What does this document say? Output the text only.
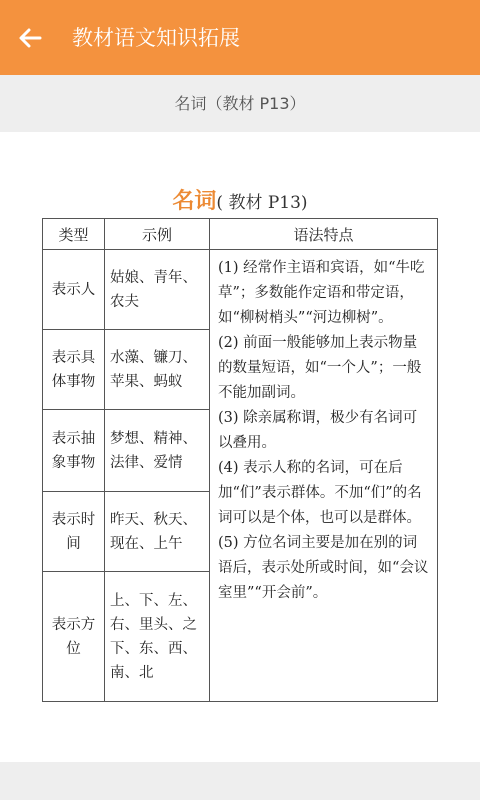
教材语文知识拓展
名词（教材 P13）
名词( 教材 P13)
类型	示例	语法特点
表示人	姑娘、青年、农夫	(1) 经常作主语和宾语，如“牛吃草”；多数能作定语和带定语，如“柳树梢头”“河边柳树”。
(2) 前面一般能够加上表示物量的数量短语，如“一个人”；一般不能加副词。
(3) 除亲属称谓，极少有名词可以叠用。
(4) 表示人称的名词，可在后加“们”表示群体。不加“们”的名词可以是个体，也可以是群体。
(5) 方位名词主要是加在别的词语后，表示处所或时间，如“会议室里”“开会前”。

表示具体事物	水藻、镰刀、苹果、蚂蚁	
表示抽象事物	梦想、精神、法律、爱情	
表示时间	昨天、秋天、现在、上午	
表示方位	上、下、左、右、里头、之下、东、西、南、北	
